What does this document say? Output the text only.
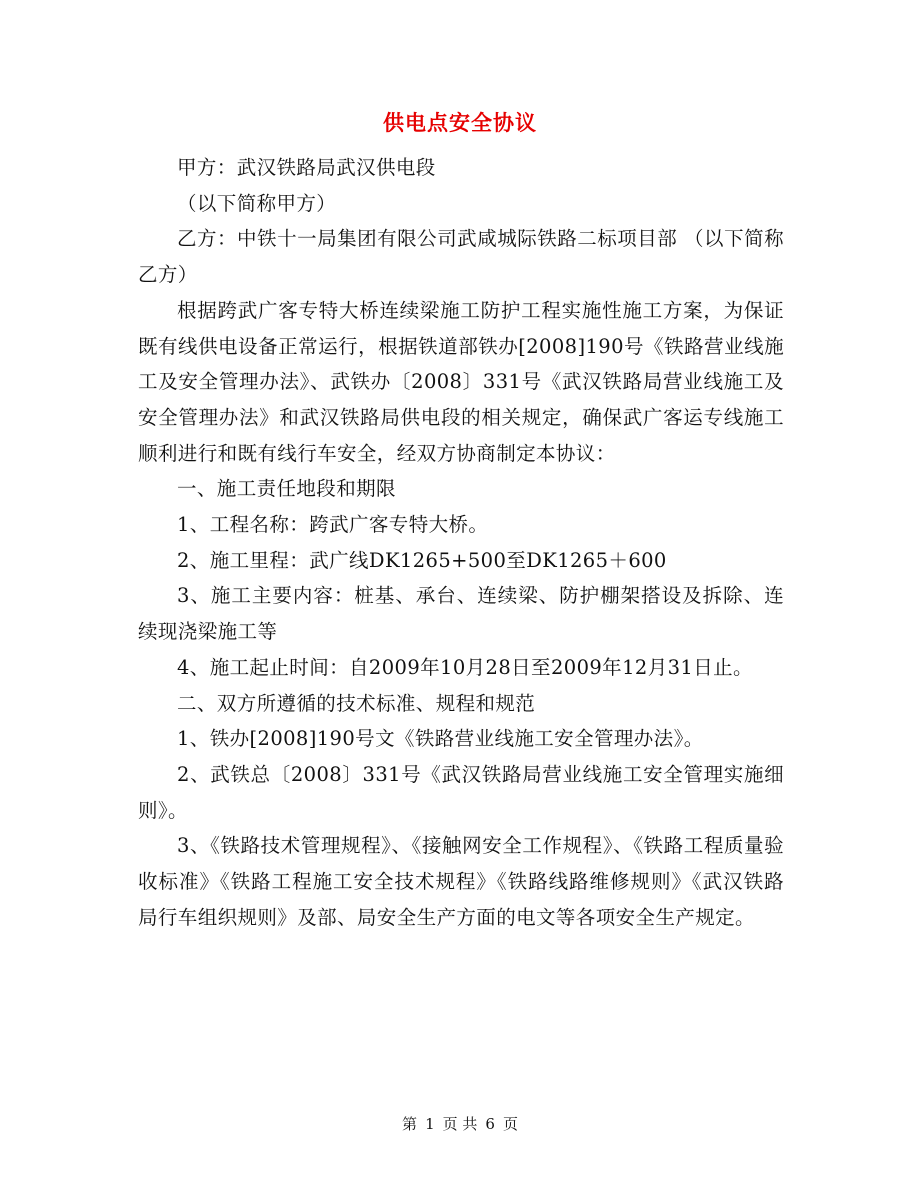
供电点安全协议

甲方：武汉铁路局武汉供电段

（以下简称甲方）

乙方：中铁十一局集团有限公司武咸城际铁路二标项目部 （以下简称乙方）

根据跨武广客专特大桥连续梁施工防护工程实施性施工方案，为保证既有线供电设备正常运行，根据铁道部铁办[2008]190号《铁路营业线施工及安全管理办法》、武铁办〔2008〕331号《武汉铁路局营业线施工及安全管理办法》和武汉铁路局供电段的相关规定，确保武广客运专线施工顺利进行和既有线行车安全，经双方协商制定本协议：

一、施工责任地段和期限

1、工程名称：跨武广客专特大桥。

2、施工里程：武广线DK1265+500至DK1265＋600

3、施工主要内容：桩基、承台、连续梁、防护棚架搭设及拆除、连续现浇梁施工等

4、施工起止时间：自2009年10月28日至2009年12月31日止。

二、双方所遵循的技术标准、规程和规范

1、铁办[2008]190号文《铁路营业线施工安全管理办法》。

2、武铁总〔2008〕331号《武汉铁路局营业线施工安全管理实施细则》。

3、《铁路技术管理规程》、《接触网安全工作规程》、《铁路工程质量验收标准》《铁路工程施工安全技术规程》《铁路线路维修规则》《武汉铁路局行车组织规则》及部、局安全生产方面的电文等各项安全生产规定。

第 1 页 共 6 页
